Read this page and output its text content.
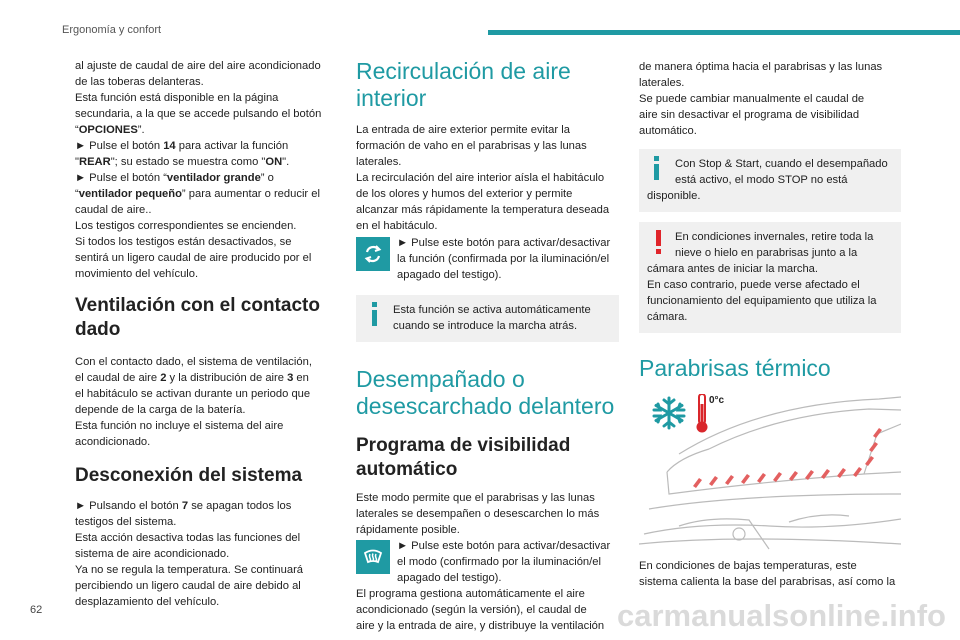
Ergonomía y confort

al ajuste de caudal de aire del aire acondicionado
de las toberas delanteras.
Esta función está disponible en la página
secundaria, a la que se accede pulsando el botón
“OPCIONES”.
► Pulse el botón 14 para activar la función
"REAR"; su estado se muestra como "ON".
► Pulse el botón “ventilador grande” o
“ventilador pequeño” para aumentar o reducir el
caudal de aire..
Los testigos correspondientes se encienden.
Si todos los testigos están desactivados, se
sentirá un ligero caudal de aire producido por el
movimiento del vehículo.

Ventilación con el contacto
dado

Con el contacto dado, el sistema de ventilación,
el caudal de aire 2 y la distribución de aire 3 en
el habitáculo se activan durante un periodo que
depende de la carga de la batería.
Esta función no incluye el sistema del aire
acondicionado.

Desconexión del sistema

► Pulsando el botón 7 se apagan todos los
testigos del sistema.
Esta acción desactiva todas las funciones del
sistema de aire acondicionado.
Ya no se regula la temperatura. Se continuará
percibiendo un ligero caudal de aire debido al
desplazamiento del vehículo.

Recirculación de aire
interior

La entrada de aire exterior permite evitar la
formación de vaho en el parabrisas y las lunas
laterales.
La recirculación del aire interior aísla el habitáculo
de los olores y humos del exterior y permite
alcanzar más rápidamente la temperatura deseada
en el habitáculo.

► Pulse este botón para activar/desactivar
la función (confirmada por la iluminación/el
apagado del testigo).

Esta función se activa automáticamente
cuando se introduce la marcha atrás.

Desempañado o
desescarchado delantero
Programa de visibilidad
automático

Este modo permite que el parabrisas y las lunas
laterales se desempañen o desescarchen lo más
rápidamente posible.

► Pulse este botón para activar/desactivar
el modo (confirmado por la iluminación/el
apagado del testigo).

El programa gestiona automáticamente el aire
acondicionado (según la versión), el caudal de
aire y la entrada de aire, y distribuye la ventilación

de manera óptima hacia el parabrisas y las lunas
laterales.
Se puede cambiar manualmente el caudal de
aire sin desactivar el programa de visibilidad
automático.

Con Stop & Start, cuando el desempañado
está activo, el modo STOP no está
disponible.

En condiciones invernales, retire toda la
nieve o hielo en parabrisas junto a la
cámara antes de iniciar la marcha.
En caso contrario, puede verse afectado el
funcionamiento del equipamiento que utiliza la
cámara.

Parabrisas térmico
0°c

En condiciones de bajas temperaturas, este
sistema calienta la base del parabrisas, así como la

62	carmanualsonline.info
